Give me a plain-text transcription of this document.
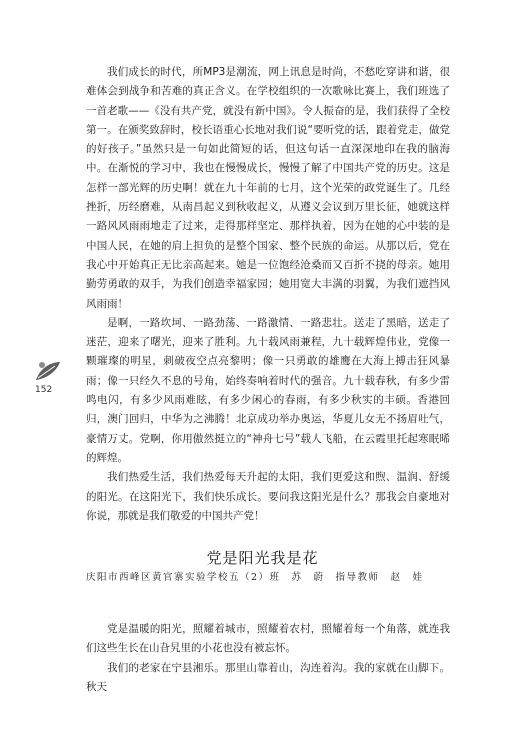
我们成长的时代，所MP3是潮流，网上讯息是时尚，不愁吃穿讲和谐，很难体会到战争和苦难的真正含义。在学校组织的一次歌咏比赛上，我们班选了一首老歌——《没有共产党，就没有新中国》。令人振奋的是，我们获得了全校第一。在颁奖致辞时，校长语重心长地对我们说“要听党的话，跟着党走，做党的好孩子。”虽然只是一句如此简短的话，但这句话一直深深地印在我的脑海中。在渐悦的学习中，我也在慢慢成长，慢慢了解了中国共产党的历史。这是怎样一部光辉的历史啊！就在九十年前的七月，这个光荣的政党诞生了。几经挫折，历经磨难，从南昌起义到秋收起义，从遵义会议到万里长征，她就这样一路风风雨雨地走了过来，走得那样坚定、那样执着，因为在她的心中装的是中国人民，在她的肩上担负的是整个国家、整个民族的命运。从那以后，党在我心中开始真正无比亲高起来。她是一位饱经沧桑而又百折不挠的母亲。她用勤劳勇敢的双手，为我们创造幸福家园；她用宽大丰满的羽翼，为我们遮挡风风雨雨！

是啊，一路坎坷、一路劲荡、一路激情、一路悲壮。送走了黑暗，送走了迷茫，迎来了曙光，迎来了胜利。九十载风雨兼程，九十载辉煌伟业，党像一颗璀璨的明星，刺破夜空点亮黎明；像一只勇敢的雄鹰在大海上搏击狂风暴雨；像一只经久不息的号角，始终奏响着时代的强音。九十载春秋，有多少雷鸣电闪，有多少风雨难眩，有多少闲心的春雨，有多少秋实的丰硕。香港回归，澳门回归，中华为之沸腾！北京成功举办奥运，华夏儿女无不扬眉吐气，豪情万丈。党啊，你用傲然挺立的“神舟七号”载人飞船，在云霞里托起寒眠晞的辉煌。

我们热爱生活，我们热爱每天升起的太阳，我们更爱这和煦、温润、舒缓的阳光。在这阳光下，我们快乐成长。要问我这阳光是什么？那我会自豪地对你说，那就是我们敬爱的中国共产党！

152
党是阳光我是花
庆阳市西峰区黄官寨实验学校五（2）班　苏　蔚　指导教师　赵　娃

党是温暖的阳光，照耀着城市，照耀着农村，照耀着每一个角落，就连我们这些生长在山旮旯里的小花也没有被忘怀。

我们的老家在宁县湘乐。那里山靠着山，沟连着沟。我的家就在山脚下。秋天
